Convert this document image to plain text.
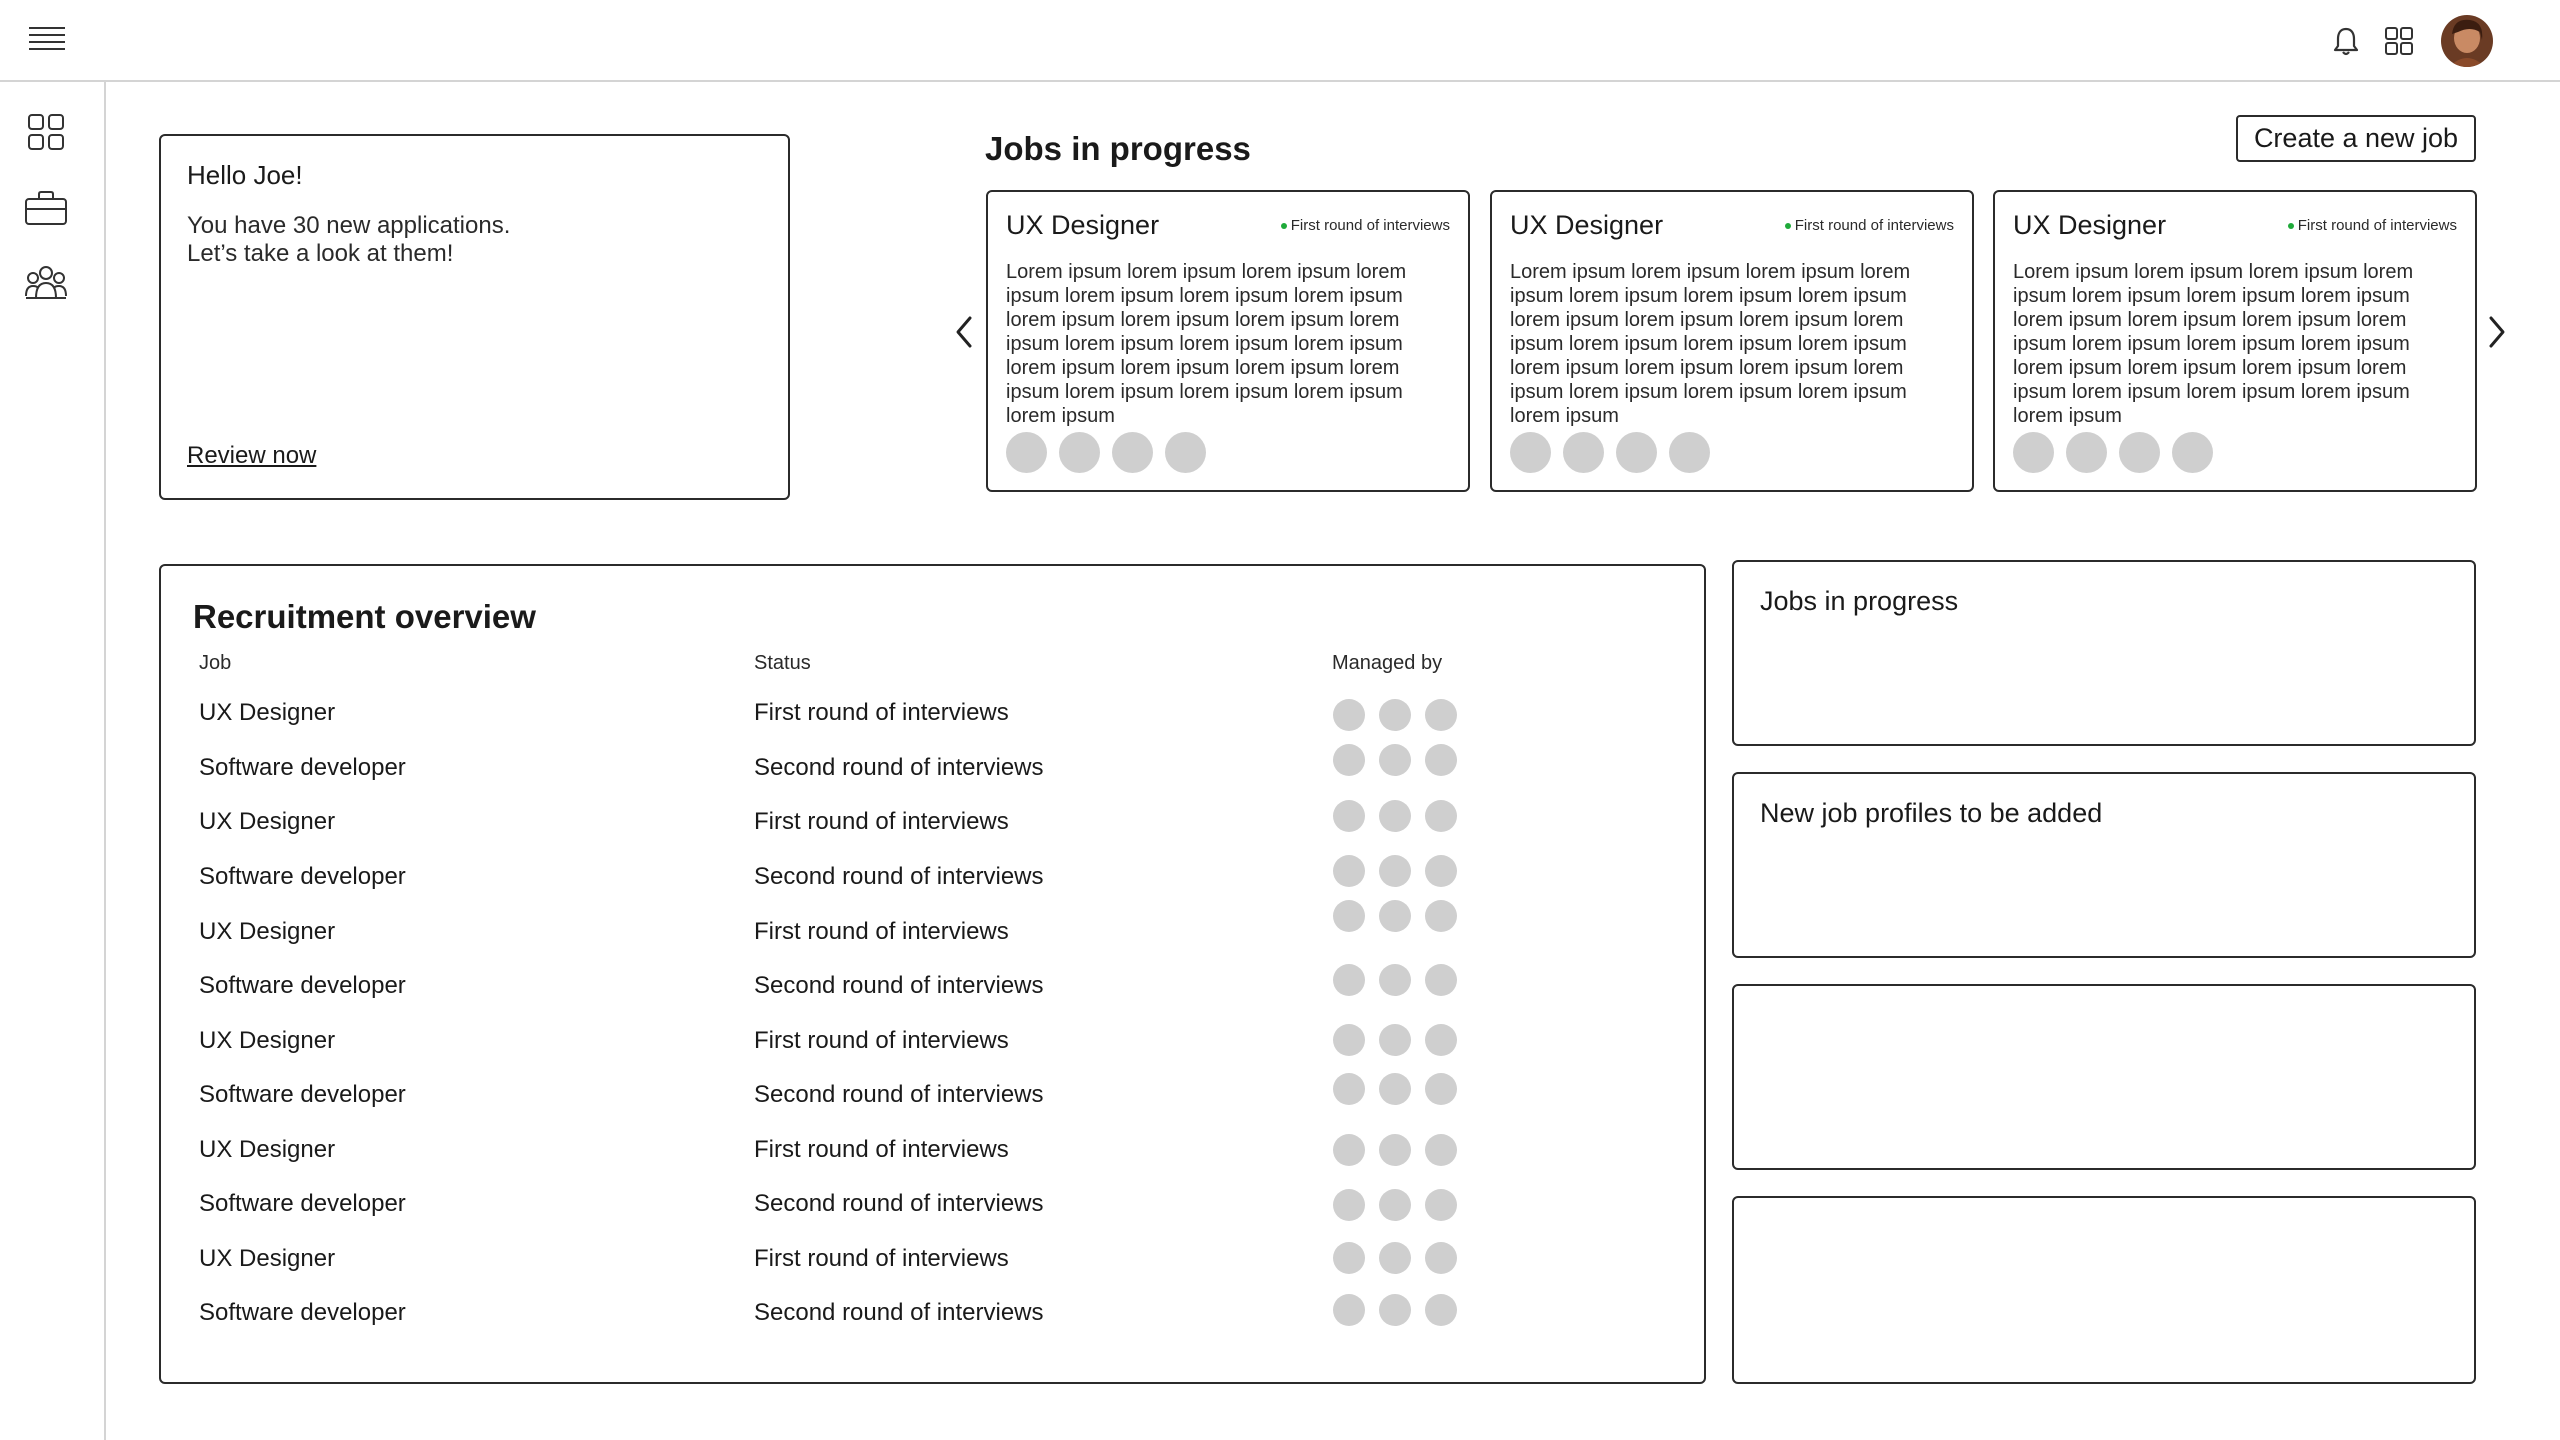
Hello Joe!
You have 30 new applications.
Let’s take a look at them!
Review now
Jobs in progress	Create a new job
UX Designer	First round of interviews
Lorem ipsum lorem ipsum lorem ipsum lorem ipsum lorem ipsum lorem ipsum lorem ipsum lorem ipsum lorem ipsum lorem ipsum lorem ipsum lorem ipsum lorem ipsum lorem ipsum lorem ipsum lorem ipsum lorem ipsum lorem ipsum lorem ipsum lorem ipsum lorem ipsum lorem ipsum
UX Designer	First round of interviews
Lorem ipsum lorem ipsum lorem ipsum lorem ipsum lorem ipsum lorem ipsum lorem ipsum lorem ipsum lorem ipsum lorem ipsum lorem ipsum lorem ipsum lorem ipsum lorem ipsum lorem ipsum lorem ipsum lorem ipsum lorem ipsum lorem ipsum lorem ipsum lorem ipsum lorem ipsum
UX Designer	First round of interviews
Lorem ipsum lorem ipsum lorem ipsum lorem ipsum lorem ipsum lorem ipsum lorem ipsum lorem ipsum lorem ipsum lorem ipsum lorem ipsum lorem ipsum lorem ipsum lorem ipsum lorem ipsum lorem ipsum lorem ipsum lorem ipsum lorem ipsum lorem ipsum lorem ipsum lorem ipsum
Recruitment overview
Job	Status	Managed by
UX Designer	First round of interviews
Software developer	Second round of interviews
UX Designer	First round of interviews
Software developer	Second round of interviews
UX Designer	First round of interviews
Software developer	Second round of interviews
UX Designer	First round of interviews
Software developer	Second round of interviews
UX Designer	First round of interviews
Software developer	Second round of interviews
UX Designer	First round of interviews
Software developer	Second round of interviews
Jobs in progress
New job profiles to be added
